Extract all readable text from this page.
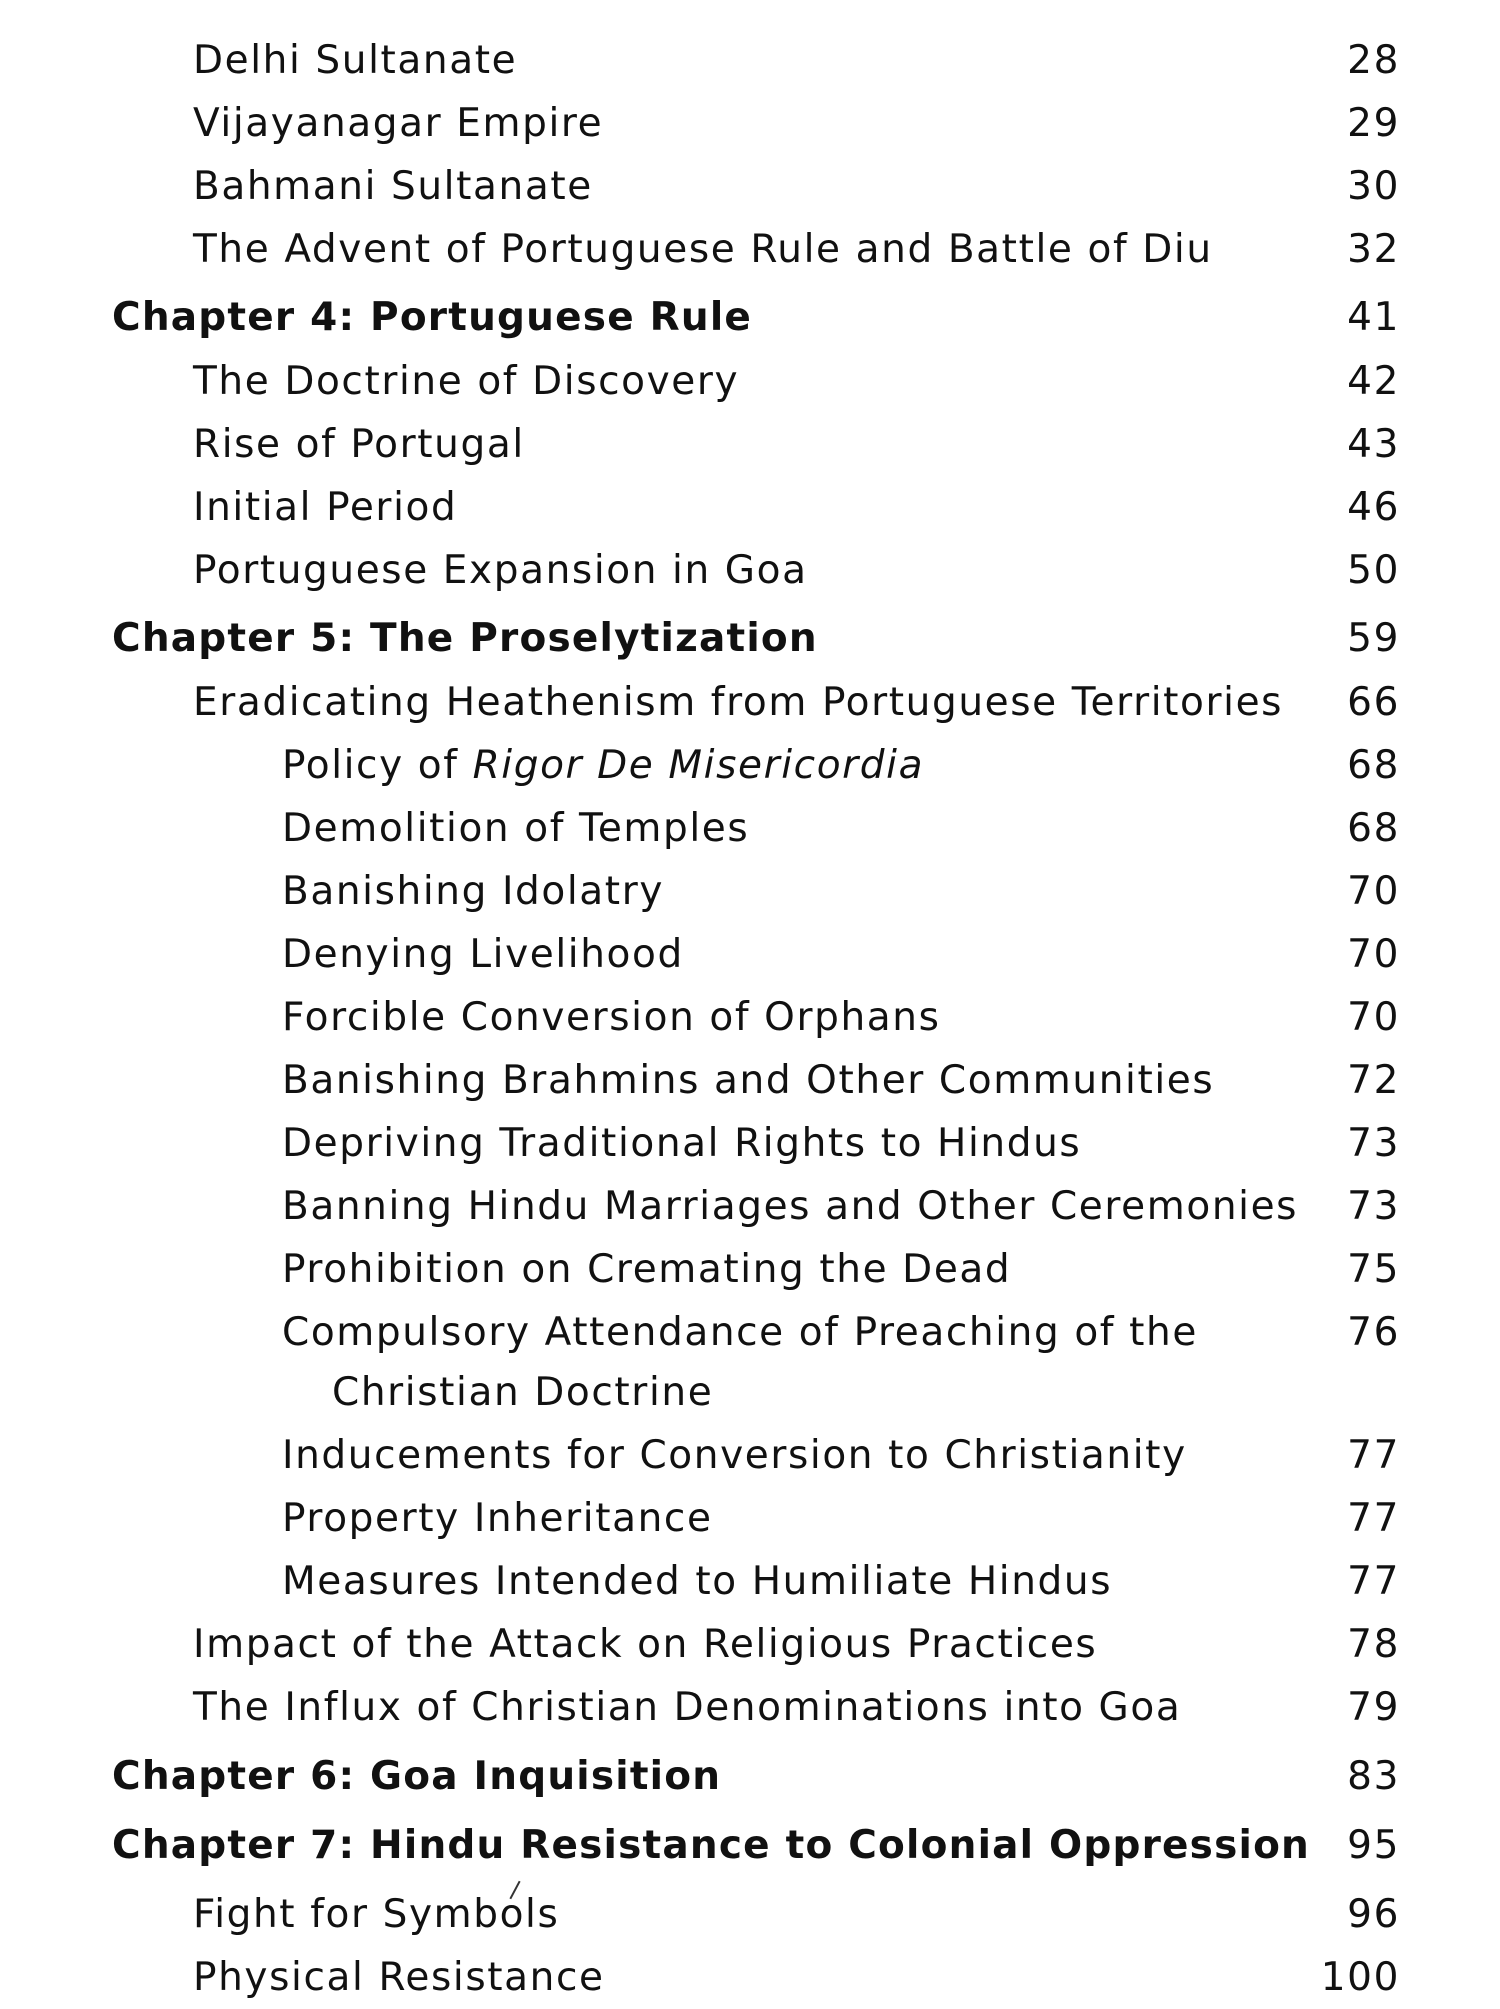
Delhi Sultanate	28
Vijayanagar Empire	29
Bahmani Sultanate	30
The Advent of Portuguese Rule and Battle of Diu	32
Chapter 4: Portuguese Rule	41
The Doctrine of Discovery	42
Rise of Portugal	43
Initial Period	46
Portuguese Expansion in Goa	50
Chapter 5: The Proselytization	59
Eradicating Heathenism from Portuguese Territories 66
Policy of Rigor De Misericordia	68
Demolition of Temples	68
Banishing Idolatry	70
Denying Livelihood	70
Forcible Conversion of Orphans	70
Banishing Brahmins and Other Communities	72
Depriving Traditional Rights to Hindus	73
Banning Hindu Marriages and Other Ceremonies 73
Prohibition on Cremating the Dead	75
Compulsory Attendance of Preaching of the	76
Christian Doctrine
Inducements for Conversion to Christianity	77
Property Inheritance	77
Measures Intended to Humiliate Hindus	77
Impact of the Attack on Religious Practices	78
The Influx of Christian Denominations into Goa	79
Chapter 6: Goa Inquisition	83
Chapter 7: Hindu Resistance to Colonial Oppression 95
Fight for Symbols	96
Physical Resistance	100
